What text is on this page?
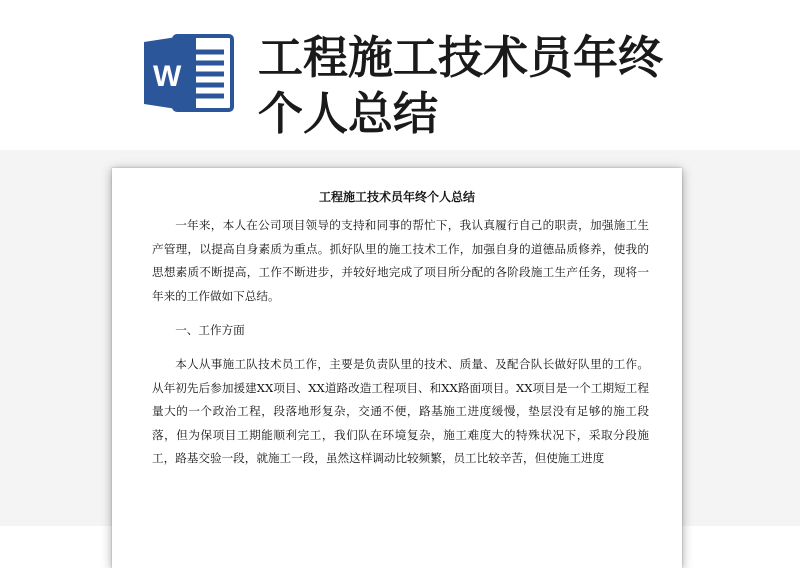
W 工程施工技术员年终
个人总结
工程施工技术员年终个人总结

一年来，本人在公司项目领导的支持和同事的帮忙下，我认真履行自己的职责，加强施工生产管理，以提高自身素质为重点。抓好队里的施工技术工作，加强自身的道德品质修养，使我的思想素质不断提高，工作不断进步，并较好地完成了项目所分配的各阶段施工生产任务，现将一年来的工作做如下总结。

一、工作方面

本人从事施工队技术员工作，主要是负责队里的技术、质量、及配合队长做好队里的工作。从年初先后参加援建XX项目、XX道路改造工程项目、和XX路面项目。XX项目是一个工期短工程量大的一个政治工程，段落地形复杂，交通不便，路基施工进度缓慢，垫层没有足够的施工段落，但为保项目工期能顺利完工，我们队在环境复杂，施工难度大的特殊状况下，采取分段施工，路基交验一段，就施工一段，虽然这样调动比较频繁，员工比较辛苦，但使施工进度
